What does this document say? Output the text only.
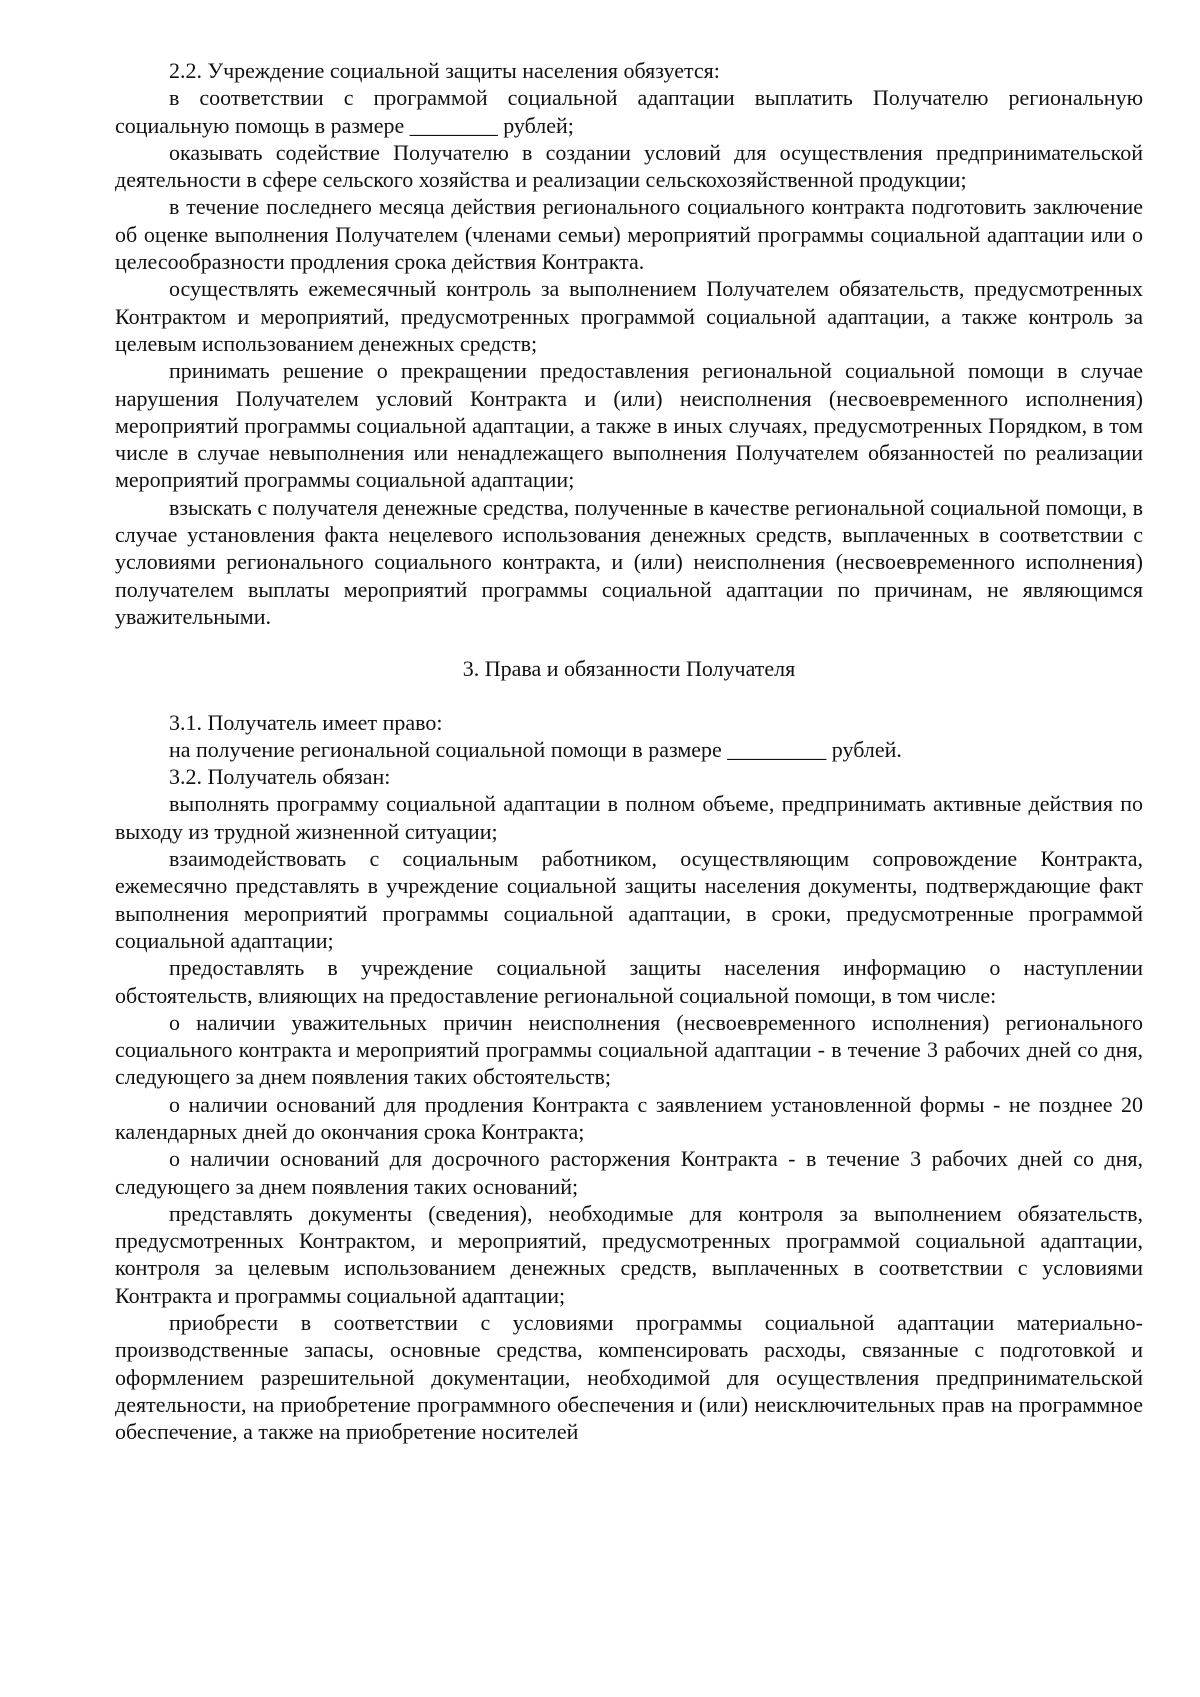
2.2. Учреждение социальной защиты населения обязуется:

в соответствии с программой социальной адаптации выплатить Получателю региональную социальную помощь в размере ________ рублей;

оказывать содействие Получателю в создании условий для осуществления предпринимательской деятельности в сфере сельского хозяйства и реализации сельскохозяйственной продукции;

в течение последнего месяца действия регионального социального контракта подготовить заключение об оценке выполнения Получателем (членами семьи) мероприятий программы социальной адаптации или о целесообразности продления срока действия Контракта.

осуществлять ежемесячный контроль за выполнением Получателем обязательств, предусмотренных Контрактом и мероприятий, предусмотренных программой социальной адаптации, а также контроль за целевым использованием денежных средств;

принимать решение о прекращении предоставления региональной социальной помощи в случае нарушения Получателем условий Контракта и (или) неисполнения (несвоевременного исполнения) мероприятий программы социальной адаптации, а также в иных случаях, предусмотренных Порядком, в том числе в случае невыполнения или ненадлежащего выполнения Получателем обязанностей по реализации мероприятий программы социальной адаптации;

взыскать с получателя денежные средства, полученные в качестве региональной социальной помощи, в случае установления факта нецелевого использования денежных средств, выплаченных в соответствии с условиями регионального социального контракта, и (или) неисполнения (несвоевременного исполнения) получателем выплаты мероприятий программы социальной адаптации по причинам, не являющимся уважительными.

3. Права и обязанности Получателя

3.1. Получатель имеет право:

на получение региональной социальной помощи в размере _________ рублей.

3.2. Получатель обязан:

выполнять программу социальной адаптации в полном объеме, предпринимать активные действия по выходу из трудной жизненной ситуации;

взаимодействовать с социальным работником, осуществляющим сопровождение Контракта, ежемесячно представлять в учреждение социальной защиты населения документы, подтверждающие факт выполнения мероприятий программы социальной адаптации, в сроки, предусмотренные программой социальной адаптации;

предоставлять в учреждение социальной защиты населения информацию о наступлении обстоятельств, влияющих на предоставление региональной социальной помощи, в том числе:

о наличии уважительных причин неисполнения (несвоевременного исполнения) регионального социального контракта и мероприятий программы социальной адаптации - в течение 3 рабочих дней со дня, следующего за днем появления таких обстоятельств;

о наличии оснований для продления Контракта с заявлением установленной формы - не позднее 20 календарных дней до окончания срока Контракта;

о наличии оснований для досрочного расторжения Контракта - в течение 3 рабочих дней со дня, следующего за днем появления таких оснований;

представлять документы (сведения), необходимые для контроля за выполнением обязательств, предусмотренных Контрактом, и мероприятий, предусмотренных программой социальной адаптации, контроля за целевым использованием денежных средств, выплаченных в соответствии с условиями Контракта и программы социальной адаптации;

приобрести в соответствии с условиями программы социальной адаптации материально-производственные запасы, основные средства, компенсировать расходы, связанные с подготовкой и оформлением разрешительной документации, необходимой для осуществления предпринимательской деятельности, на приобретение программного обеспечения и (или) неисключительных прав на программное обеспечение, а также на приобретение носителей
